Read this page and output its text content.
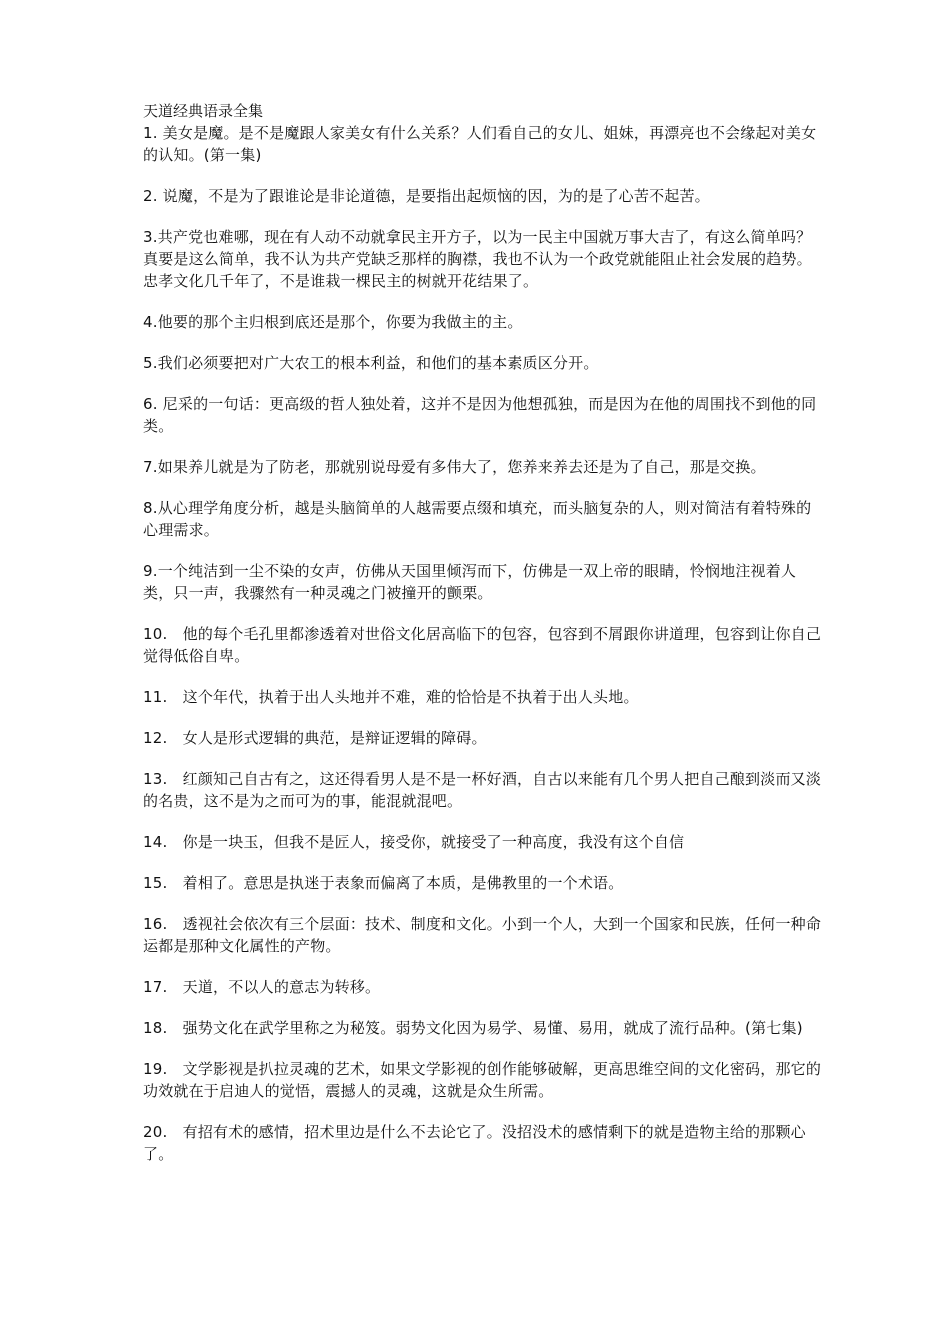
天道经典语录全集

1. 美女是魔。是不是魔跟人家美女有什么关系？人们看自己的女儿、姐妹，再漂亮也不会缘起对美女的认知。(第一集)

2. 说魔，不是为了跟谁论是非论道德，是要指出起烦恼的因，为的是了心苦不起苦。

3.共产党也难哪，现在有人动不动就拿民主开方子，以为一民主中国就万事大吉了，有这么简单吗？真要是这么简单，我不认为共产党缺乏那样的胸襟，我也不认为一个政党就能阻止社会发展的趋势。忠孝文化几千年了，不是谁栽一棵民主的树就开花结果了。

4.他要的那个主归根到底还是那个，你要为我做主的主。

5.我们必须要把对广大农工的根本利益，和他们的基本素质区分开。

6. 尼采的一句话：更高级的哲人独处着，这并不是因为他想孤独，而是因为在他的周围找不到他的同类。

7.如果养儿就是为了防老，那就别说母爱有多伟大了，您养来养去还是为了自己，那是交换。

8.从心理学角度分析，越是头脑简单的人越需要点缀和填充，而头脑复杂的人，则对简洁有着特殊的心理需求。

9.一个纯洁到一尘不染的女声，仿佛从天国里倾泻而下，仿佛是一双上帝的眼睛，怜悯地注视着人类，只一声，我骤然有一种灵魂之门被撞开的颤栗。

10.　他的每个毛孔里都渗透着对世俗文化居高临下的包容，包容到不屑跟你讲道理，包容到让你自己觉得低俗自卑。

11.　这个年代，执着于出人头地并不难，难的恰恰是不执着于出人头地。

12.　女人是形式逻辑的典范，是辩证逻辑的障碍。

13.　红颜知己自古有之，这还得看男人是不是一杯好酒，自古以来能有几个男人把自己酿到淡而又淡的名贵，这不是为之而可为的事，能混就混吧。

14.　你是一块玉，但我不是匠人，接受你，就接受了一种高度，我没有这个自信

15.　着相了。意思是执迷于表象而偏离了本质，是佛教里的一个术语。

16.　透视社会依次有三个层面：技术、制度和文化。小到一个人，大到一个国家和民族，任何一种命运都是那种文化属性的产物。

17.　天道，不以人的意志为转移。

18.　强势文化在武学里称之为秘笈。弱势文化因为易学、易懂、易用，就成了流行品种。(第七集)

19.　文学影视是扒拉灵魂的艺术，如果文学影视的创作能够破解，更高思维空间的文化密码，那它的功效就在于启迪人的觉悟，震撼人的灵魂，这就是众生所需。

20.　有招有术的感情，招术里边是什么不去论它了。没招没术的感情剩下的就是造物主给的那颗心了。
